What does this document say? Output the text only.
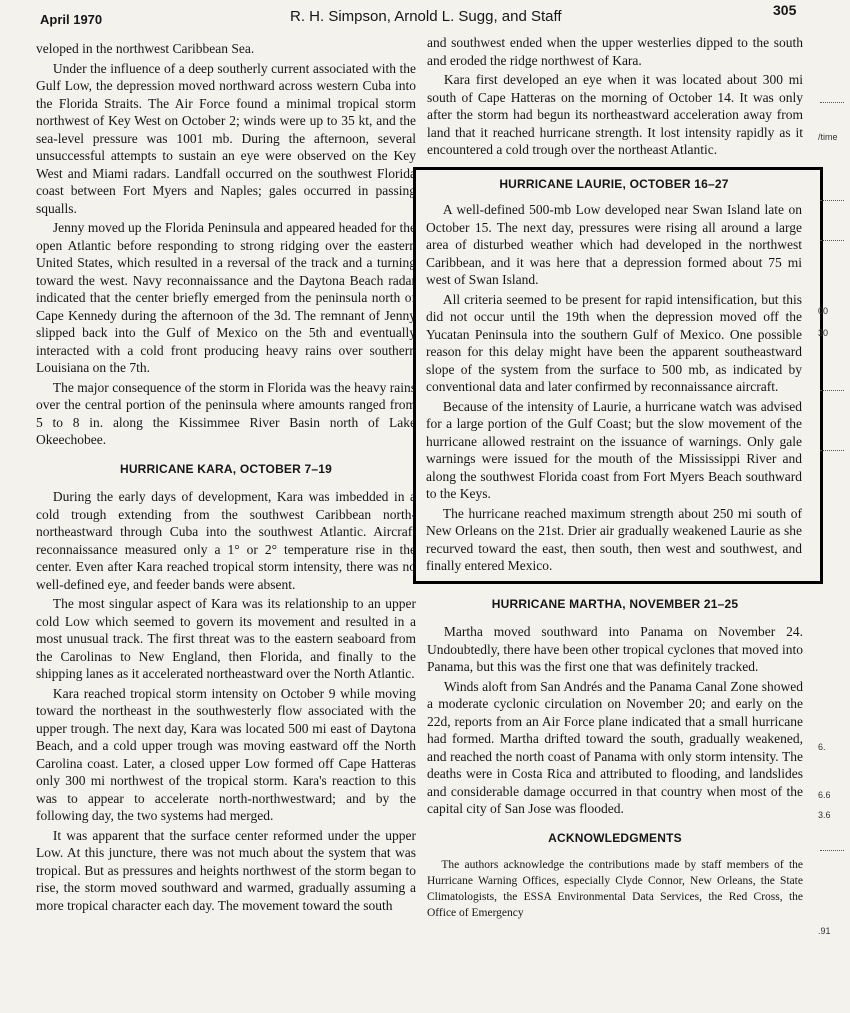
April 1970	R. H. Simpson, Arnold L. Sugg, and Staff	305

veloped in the northwest Caribbean Sea.

Under the influence of a deep southerly current associated with the Gulf Low, the depression moved northward across western Cuba into the Florida Straits. The Air Force found a minimal tropical storm northwest of Key West on October 2; winds were up to 35 kt, and the sea-level pressure was 1001 mb. During the afternoon, several unsuccessful attempts to sustain an eye were observed on the Key West and Miami radars. Landfall occurred on the southwest Florida coast between Fort Myers and Naples; gales occurred in passing squalls.

Jenny moved up the Florida Peninsula and appeared headed for the open Atlantic before responding to strong ridging over the eastern United States, which resulted in a reversal of the track and a turning toward the west. Navy reconnaissance and the Daytona Beach radar indicated that the center briefly emerged from the peninsula north of Cape Kennedy during the afternoon of the 3d. The remnant of Jenny slipped back into the Gulf of Mexico on the 5th and eventually interacted with a cold front producing heavy rains over southern Louisiana on the 7th.

The major consequence of the storm in Florida was the heavy rains over the central portion of the peninsula where amounts ranged from 5 to 8 in. along the Kissimmee River Basin north of Lake Okeechobee.

HURRICANE KARA, OCTOBER 7–19

During the early days of development, Kara was imbedded in a cold trough extending from the southwest Caribbean north-northeastward through Cuba into the southwest Atlantic. Aircraft reconnaissance measured only a 1° or 2° temperature rise in the center. Even after Kara reached tropical storm intensity, there was no well-defined eye, and feeder bands were absent.

The most singular aspect of Kara was its relationship to an upper cold Low which seemed to govern its movement and resulted in a most unusual track. The first threat was to the eastern seaboard from the Carolinas to New England, then Florida, and finally to the shipping lanes as it accelerated northeastward over the North Atlantic.

Kara reached tropical storm intensity on October 9 while moving toward the northeast in the southwesterly flow associated with the upper trough. The next day, Kara was located 500 mi east of Daytona Beach, and a cold upper trough was moving eastward off the North Carolina coast. Later, a closed upper Low formed off Cape Hatteras only 300 mi northwest of the tropical storm. Kara's reaction to this was to appear to accelerate north-northwestward; and by the following day, the two systems had merged.

It was apparent that the surface center reformed under the upper Low. At this juncture, there was not much about the system that was tropical. But as pressures and heights northwest of the storm began to rise, the storm moved southward and warmed, gradually assuming a more tropical character each day. The movement toward the south

and southwest ended when the upper westerlies dipped to the south and eroded the ridge northwest of Kara.

Kara first developed an eye when it was located about 300 mi south of Cape Hatteras on the morning of October 14. It was only after the storm had begun its northeastward acceleration away from land that it reached hurricane strength. It lost intensity rapidly as it encountered a cold trough over the northeast Atlantic.

HURRICANE LAURIE, OCTOBER 16–27

A well-defined 500-mb Low developed near Swan Island late on October 15. The next day, pressures were rising all around a large area of disturbed weather which had developed in the northwest Caribbean, and it was here that a depression formed about 75 mi west of Swan Island.

All criteria seemed to be present for rapid intensification, but this did not occur until the 19th when the depression moved off the Yucatan Peninsula into the southern Gulf of Mexico. One possible reason for this delay might have been the apparent southeastward slope of the system from the surface to 500 mb, as indicated by conventional data and later confirmed by reconnaissance aircraft.

Because of the intensity of Laurie, a hurricane watch was advised for a large portion of the Gulf Coast; but the slow movement of the hurricane allowed restraint on the issuance of warnings. Only gale warnings were issued for the mouth of the Mississippi River and along the southwest Florida coast from Fort Myers Beach southward to the Keys.

The hurricane reached maximum strength about 250 mi south of New Orleans on the 21st. Drier air gradually weakened Laurie as she recurved toward the east, then south, then west and southwest, and finally entered Mexico.

HURRICANE MARTHA, NOVEMBER 21–25

Martha moved southward into Panama on November 24. Undoubtedly, there have been other tropical cyclones that moved into Panama, but this was the first one that was definitely tracked.

Winds aloft from San Andrés and the Panama Canal Zone showed a moderate cyclonic circulation on November 20; and early on the 22d, reports from an Air Force plane indicated that a small hurricane had formed. Martha drifted toward the south, gradually weakened, and reached the north coast of Panama with only storm intensity. The deaths were in Costa Rica and attributed to flooding, and landslides and considerable damage occurred in that country when most of the capital city of San Jose was flooded.

ACKNOWLEDGMENTS

The authors acknowledge the contributions made by staff members of the Hurricane Warning Offices, especially Clyde Connor, New Orleans, the State Climatologists, the ESSA Environmental Data Services, the Red Cross, the Office of Emergency

/time
00
30
6.
6.6
3.6
.91
